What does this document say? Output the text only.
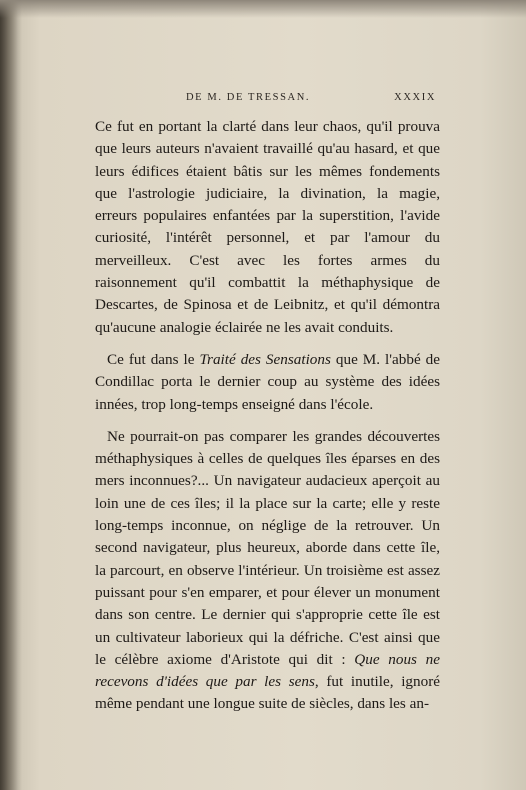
DE M. DE TRESSAN.	XXXIX

Ce fut en portant la clarté dans leur chaos, qu'il prouva que leurs auteurs n'avaient travaillé qu'au hasard, et que leurs édifices étaient bâtis sur les mêmes fondements que l'astrologie judiciaire, la divination, la magie, erreurs populaires enfantées par la superstition, l'avide curiosité, l'intérêt personnel, et par l'amour du merveilleux. C'est avec les fortes armes du raisonnement qu'il combattit la méthaphysique de Descartes, de Spinosa et de Leibnitz, et qu'il démontra qu'aucune analogie éclairée ne les avait conduits.

Ce fut dans le Traité des Sensations que M. l'abbé de Condillac porta le dernier coup au système des idées innées, trop long-temps enseigné dans l'école.

Ne pourrait-on pas comparer les grandes découvertes méthaphysiques à celles de quelques îles éparses en des mers inconnues?... Un navigateur audacieux aperçoit au loin une de ces îles; il la place sur la carte; elle y reste long-temps inconnue, on néglige de la retrouver. Un second navigateur, plus heureux, aborde dans cette île, la parcourt, en observe l'intérieur. Un troisième est assez puissant pour s'en emparer, et pour élever un monument dans son centre. Le dernier qui s'approprie cette île est un cultivateur laborieux qui la défriche. C'est ainsi que le célèbre axiome d'Aristote qui dit : Que nous ne recevons d'idées que par les sens, fut inutile, ignoré même pendant une longue suite de siècles, dans les an-
